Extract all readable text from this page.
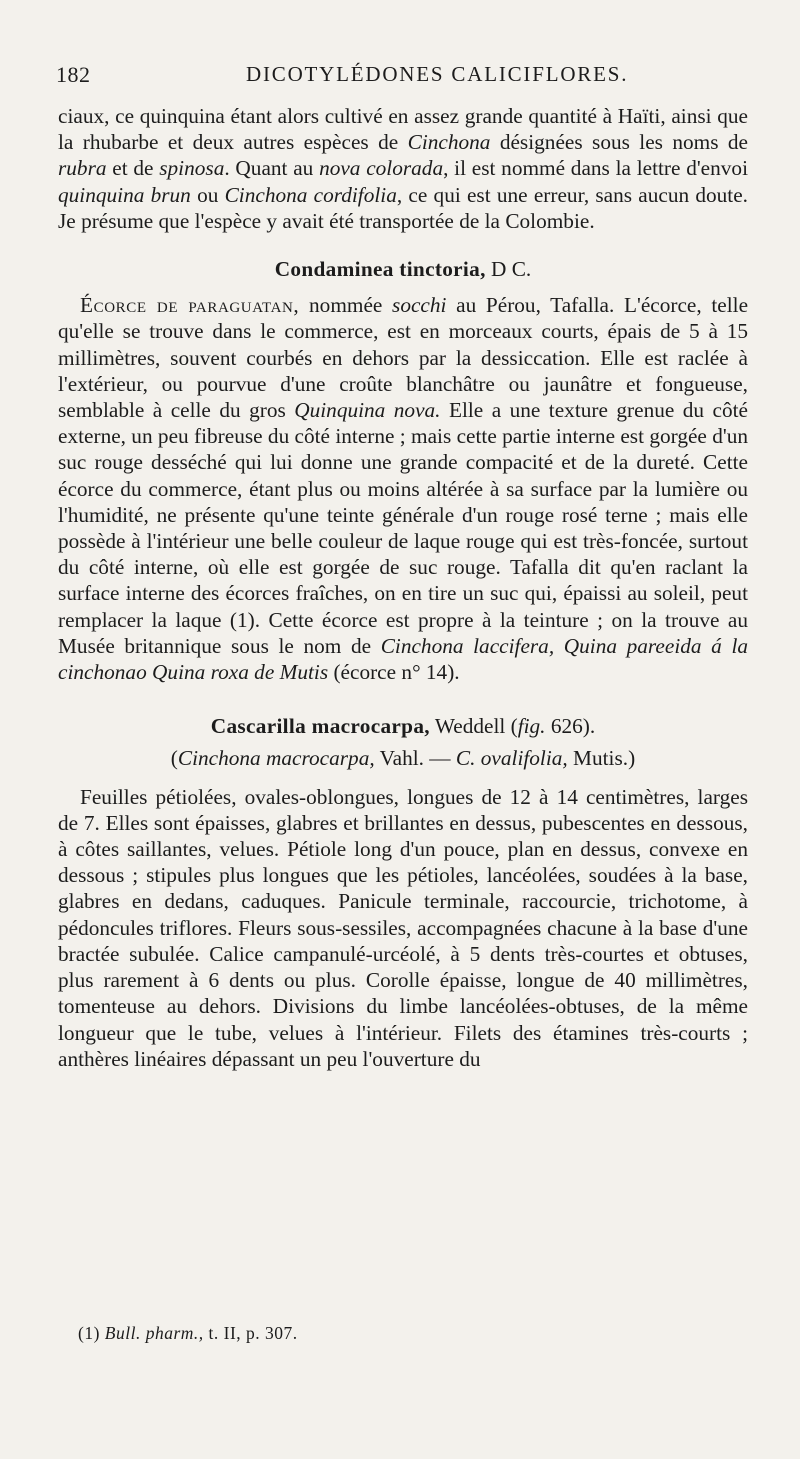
182	DICOTYLÉDONES CALICIFLORES.

ciaux, ce quinquina étant alors cultivé en assez grande quantité à Haïti, ainsi que la rhubarbe et deux autres espèces de Cinchona désignées sous les noms de rubra et de spinosa. Quant au nova colorada, il est nommé dans la lettre d'envoi quinquina brun ou Cinchona cordifolia, ce qui est une erreur, sans aucun doute. Je présume que l'espèce y avait été transportée de la Colombie.

Condaminea tinctoria, D C.

Écorce de paraguatan, nommée socchi au Pérou, Tafalla. L'écorce, telle qu'elle se trouve dans le commerce, est en morceaux courts, épais de 5 à 15 millimètres, souvent courbés en dehors par la dessiccation. Elle est raclée à l'extérieur, ou pourvue d'une croûte blanchâtre ou jaunâtre et fongueuse, semblable à celle du gros Quinquina nova. Elle a une texture grenue du côté externe, un peu fibreuse du côté interne ; mais cette partie interne est gorgée d'un suc rouge desséché qui lui donne une grande compacité et de la dureté. Cette écorce du commerce, étant plus ou moins altérée à sa surface par la lumière ou l'humidité, ne présente qu'une teinte générale d'un rouge rosé terne ; mais elle possède à l'intérieur une belle couleur de laque rouge qui est très-foncée, surtout du côté interne, où elle est gorgée de suc rouge. Tafalla dit qu'en raclant la surface interne des écorces fraîches, on en tire un suc qui, épaissi au soleil, peut remplacer la laque (1). Cette écorce est propre à la teinture ; on la trouve au Musée britannique sous le nom de Cinchona laccifera, Quina pareeida á la cinchonao Quina roxa de Mutis (écorce n° 14).

Cascarilla macrocarpa, Weddell (fig. 626).

(Cinchona macrocarpa, Vahl. — C. ovalifolia, Mutis.)

Feuilles pétiolées, ovales-oblongues, longues de 12 à 14 centimètres, larges de 7. Elles sont épaisses, glabres et brillantes en dessus, pubescentes en dessous, à côtes saillantes, velues. Pétiole long d'un pouce, plan en dessus, convexe en dessous ; stipules plus longues que les pétioles, lancéolées, soudées à la base, glabres en dedans, caduques. Panicule terminale, raccourcie, trichotome, à pédoncules triflores. Fleurs sous-sessiles, accompagnées chacune à la base d'une bractée subulée. Calice campanulé-urcéolé, à 5 dents très-courtes et obtuses, plus rarement à 6 dents ou plus. Corolle épaisse, longue de 40 millimètres, tomenteuse au dehors. Divisions du limbe lancéolées-obtuses, de la même longueur que le tube, velues à l'intérieur. Filets des étamines très-courts ; anthères linéaires dépassant un peu l'ouverture du

(1) Bull. pharm., t. II, p. 307.
